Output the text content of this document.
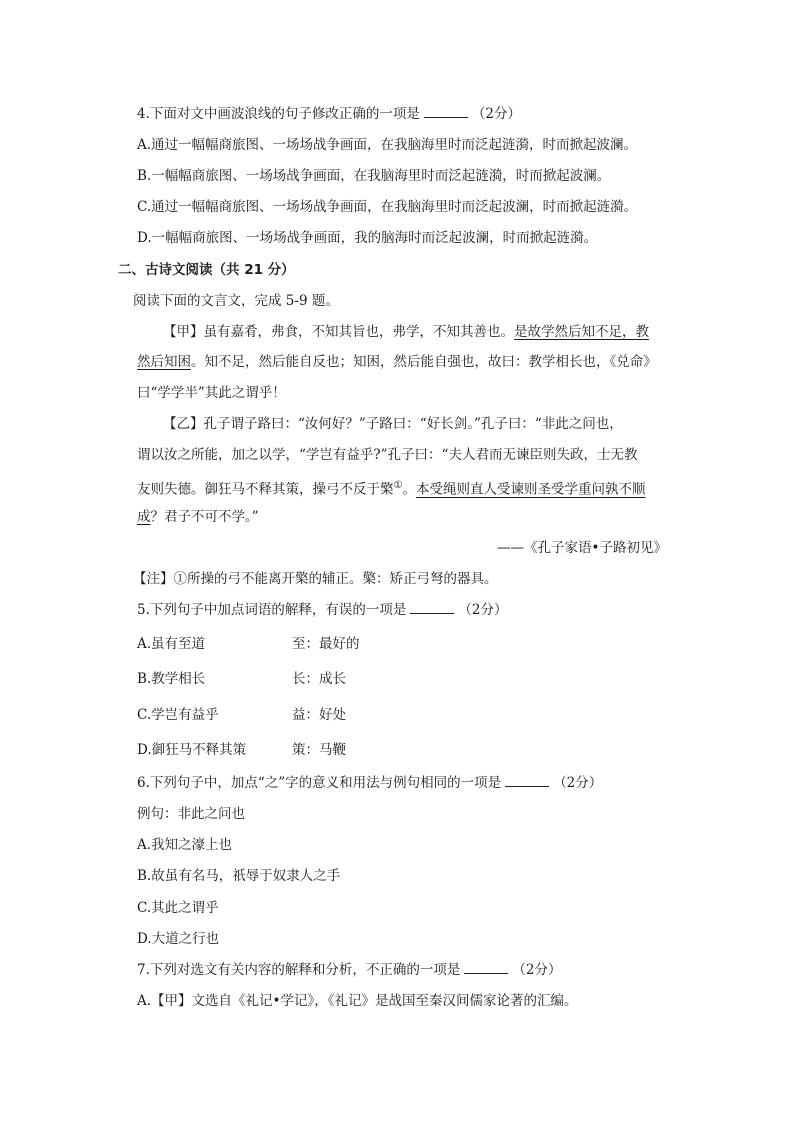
4.下面对文中画波浪线的句子修改正确的一项是	（2分）
A.通过一幅幅商旅图、一场场战争画面，在我脑海里时而泛起涟漪，时而掀起波澜。
B.一幅幅商旅图、一场场战争画面，在我脑海里时而泛起涟漪，时而掀起波澜。
C.通过一幅幅商旅图、一场场战争画面，在我脑海里时而泛起波澜，时而掀起涟漪。
D.一幅幅商旅图、一场场战争画面，我的脑海时而泛起波澜，时而掀起涟漪。
二、古诗文阅读（共 21 分）
阅读下面的文言文，完成 5-9 题。
【甲】虽有嘉肴，弗食，不知其旨也，弗学，不知其善也。是故学然后知不足，教
然后知困。知不足，然后能自反也；知困，然后能自强也，故曰：教学相长也，《兑命》
曰“学学半”其此之谓乎！
【乙】孔子谓子路曰：“汝何好？”子路曰：“好长剑。”孔子曰：“非此之问也，
谓以汝之所能，加之以学，“学岂有益乎?”孔子曰：“夫人君而无谏臣则失政，士无教
友则失德。御狂马不释其策，操弓不反于檠①。本受绳则直人受谏则圣受学重问孰不顺
成？君子不可不学。”
——《孔子家语•子路初见》
【注】①所操的弓不能离开檠的辅正。檠：矫正弓弩的器具。
5.下列句子中加点词语的解释，有误的一项是	（2分）
A.虽有至道	至：最好的
B.教学相长	长：成长
C.学岂有益乎	益：好处
D.御狂马不释其策	策：马鞭
6.下列句子中，加点“之”字的意义和用法与例句相同的一项是	（2分）
例句：非此之问也
A.我知之濠上也
B.故虽有名马，祇辱于奴隶人之手
C.其此之谓乎
D.大道之行也
7.下列对选文有关内容的解释和分析，不正确的一项是	（2分）
A.【甲】文选自《礼记•学记》，《礼记》是战国至秦汉间儒家论著的汇编。
